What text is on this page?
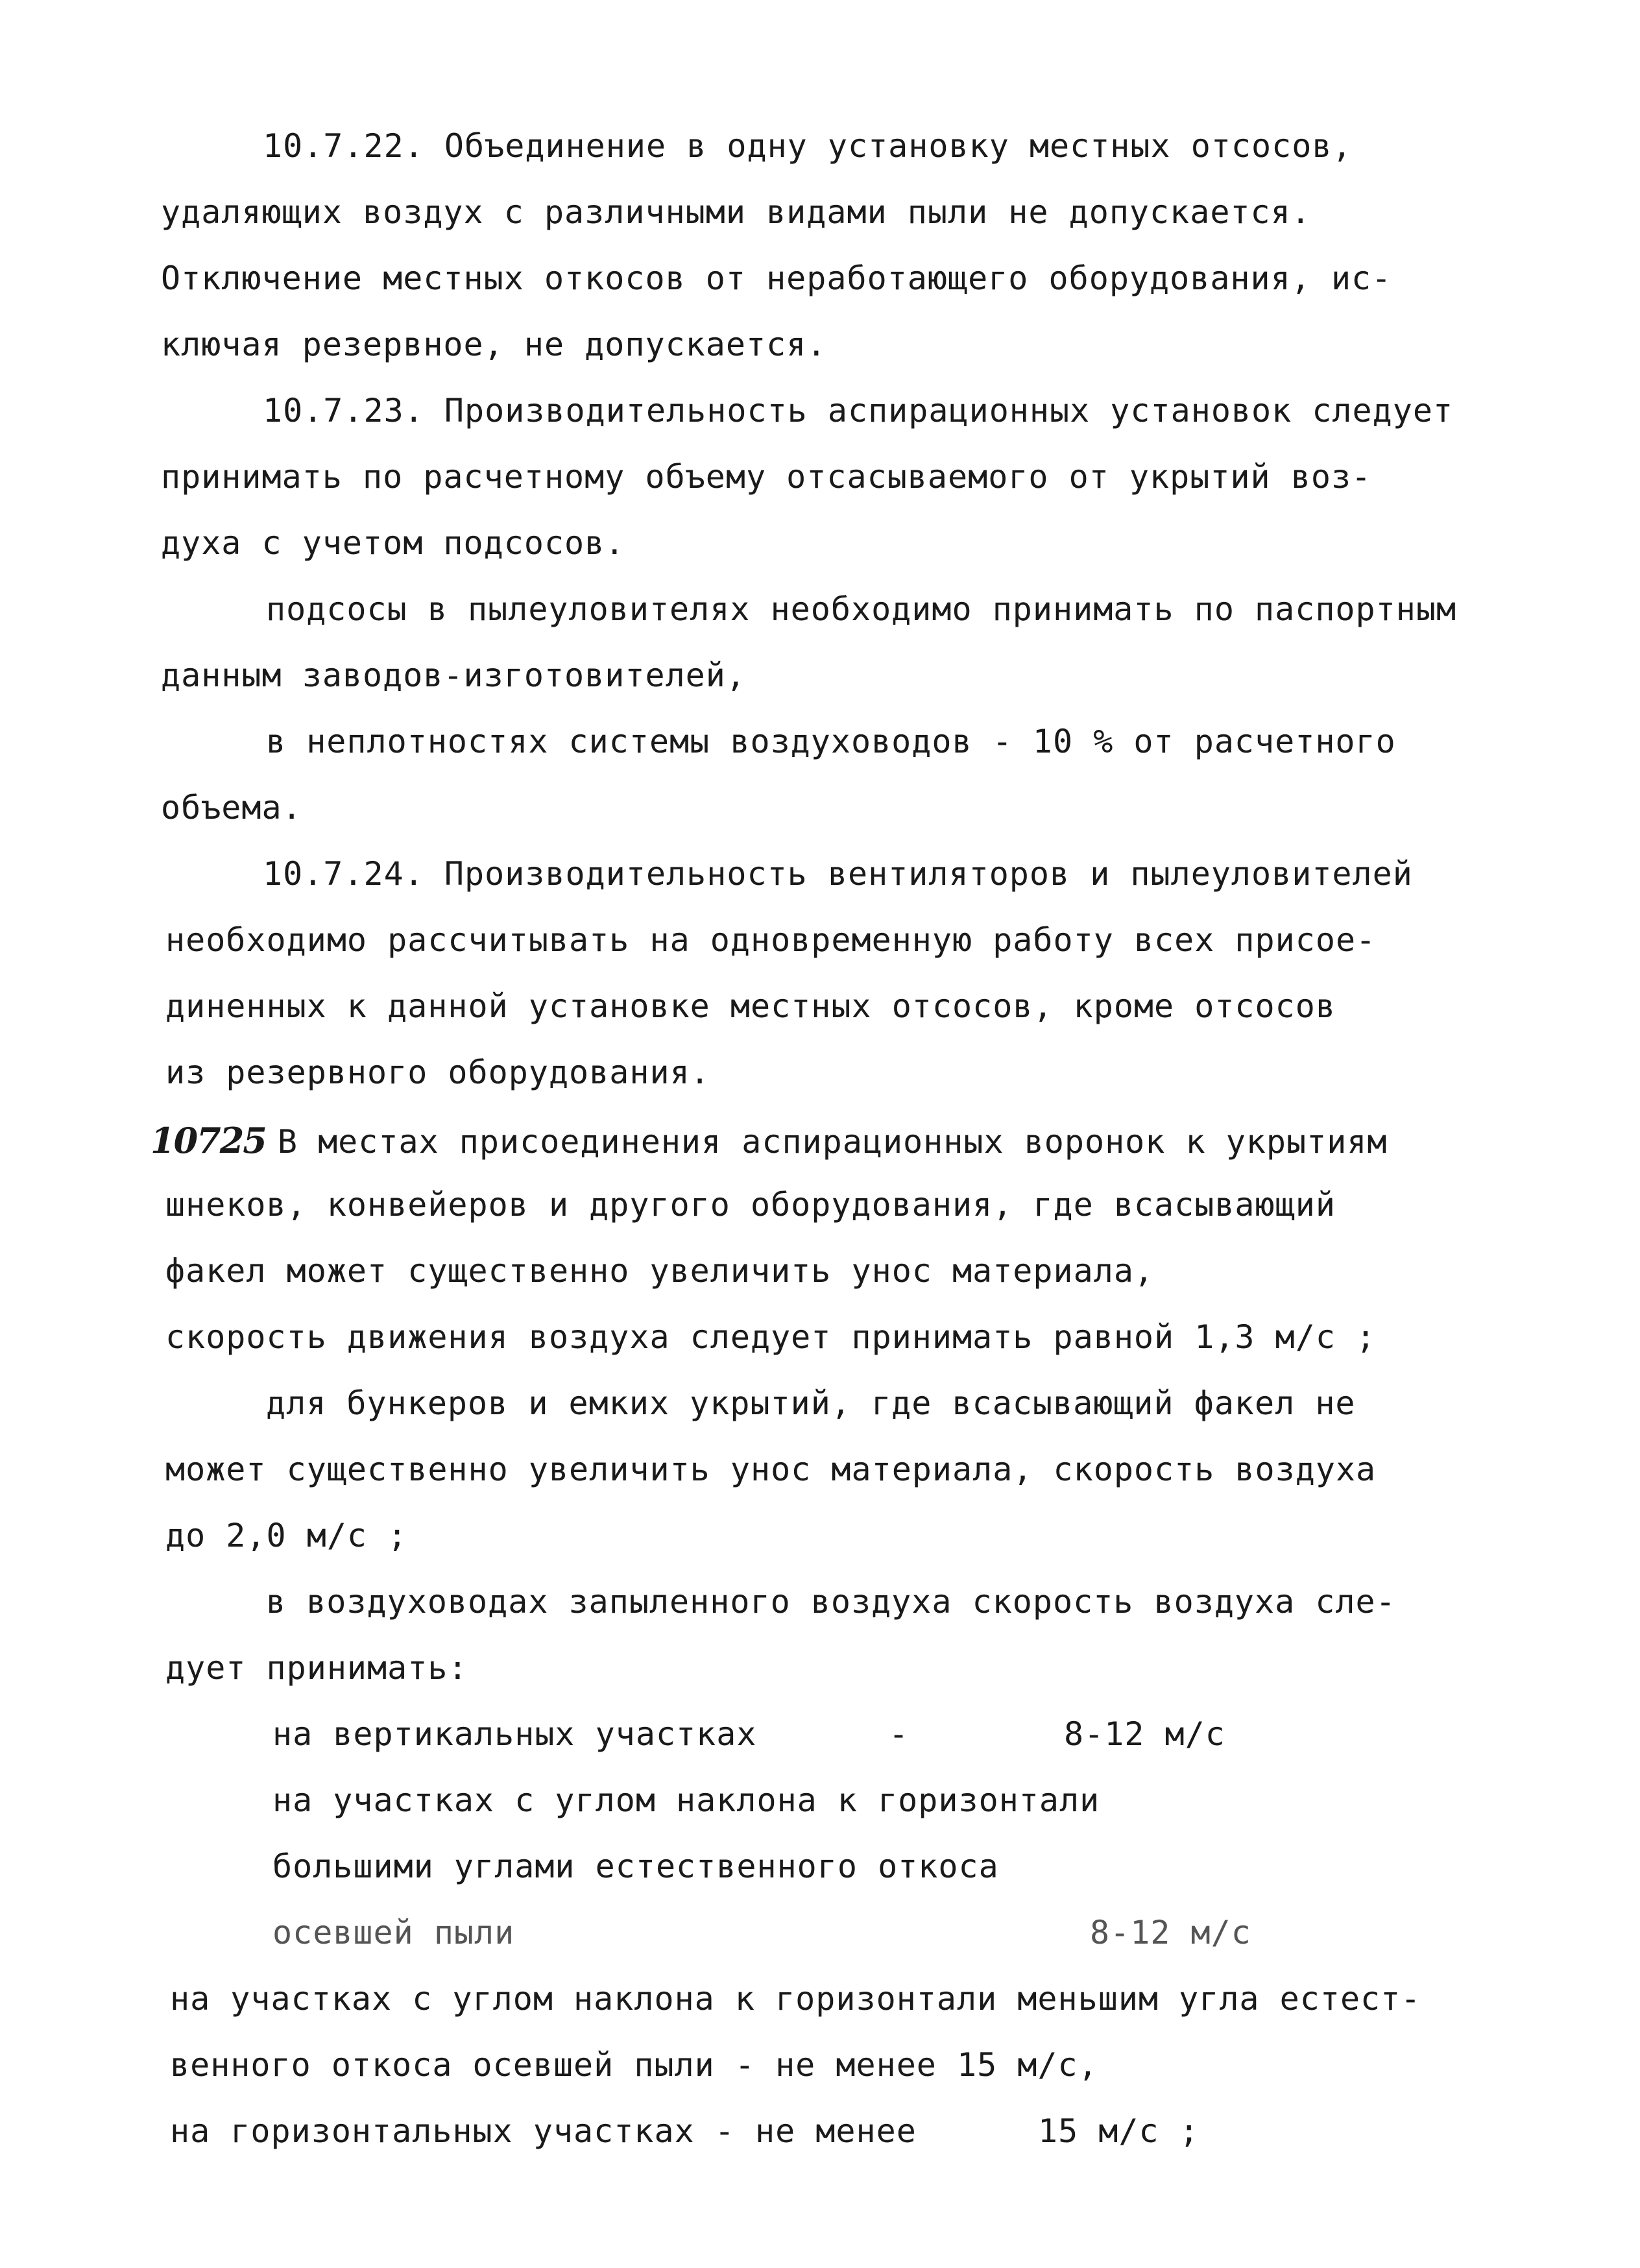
10.7.22. Объединение в одну установку местных отсосов,
удаляющих воздух с различными видами пыли не допускается.
Отключение местных откосов от неработающего оборудования, ис-
ключая резервное, не допускается.
10.7.23. Производительность аспирационных установок следует
принимать по расчетному объему отсасываемого от укрытий воз-
духа с учетом подсосов.
подсосы в пылеуловителях необходимо принимать по паспортным
данным заводов-изготовителей,
в неплотностях системы воздуховодов - 10 % от расчетного
объема.
10.7.24. Производительность вентиляторов и пылеуловителей
необходимо рассчитывать на одновременную работу всех присое-
диненных к данной установке местных отсосов, кроме отсосов
из резервного оборудования.
10725 В местах присоединения аспирационных воронок к укрытиям
шнеков, конвейеров и другого оборудования, где всасывающий
факел может существенно увеличить унос материала,
скорость движения воздуха следует принимать равной 1,3 м/с ;
для бункеров и емких укрытий, где всасывающий факел не
может существенно увеличить унос материала, скорость воздуха
до 2,0 м/с ;
в воздуховодах запыленного воздуха скорость воздуха сле-
дует принимать:
на вертикальных участках	-	8-12 м/с
на участках с углом наклона к горизонтали
большими углами естественного откоса
осевшей пыли	8-12 м/с
на участках с углом наклона к горизонтали меньшим угла естест-
венного откоса осевшей пыли - не менее 15 м/с,
на горизонтальных участках - не менее	15 м/с ;
